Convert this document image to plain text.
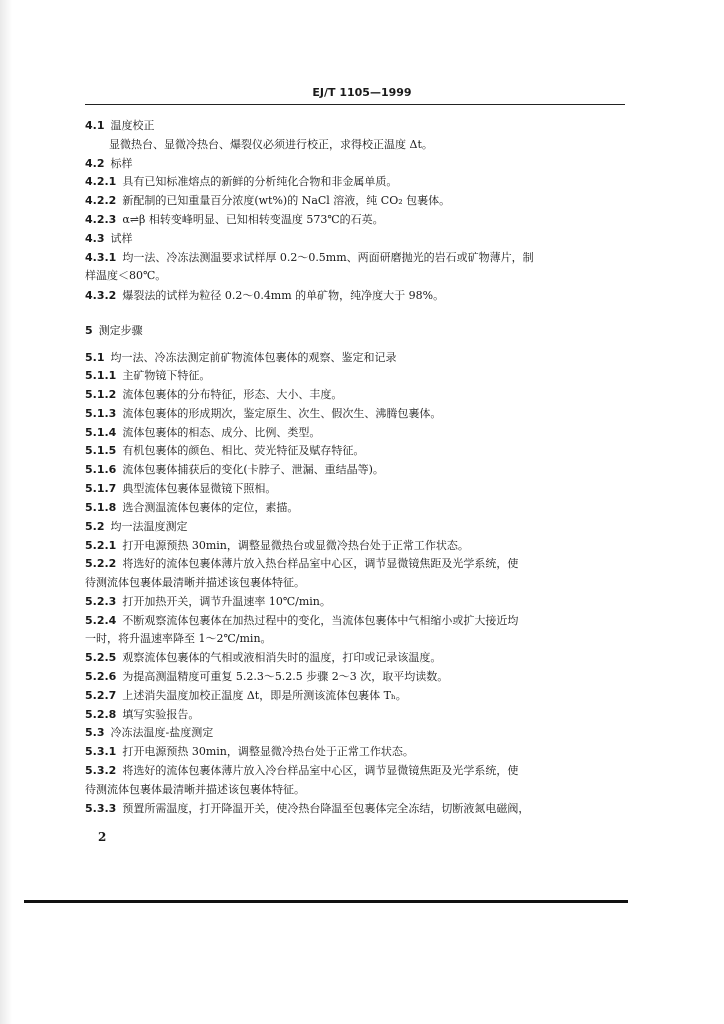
EJ/T 1105—1999
4.1 温度校正
显微热台、显微冷热台、爆裂仪必须进行校正，求得校正温度 Δt。
4.2 标样
4.2.1 具有已知标准熔点的新鲜的分析纯化合物和非金属单质。
4.2.2 新配制的已知重量百分浓度(wt%)的 NaCl 溶液，纯 CO₂ 包裹体。
4.2.3 α⇌β 相转变峰明显、已知相转变温度 573℃的石英。
4.3 试样
4.3.1 均一法、冷冻法测温要求试样厚 0.2～0.5mm、两面研磨抛光的岩石或矿物薄片，制
样温度＜80℃。
4.3.2 爆裂法的试样为粒径 0.2～0.4mm 的单矿物，纯净度大于 98%。
5 测定步骤
5.1 均一法、冷冻法测定前矿物流体包裹体的观察、鉴定和记录
5.1.1 主矿物镜下特征。
5.1.2 流体包裹体的分布特征，形态、大小、丰度。
5.1.3 流体包裹体的形成期次，鉴定原生、次生、假次生、沸腾包裹体。
5.1.4 流体包裹体的相态、成分、比例、类型。
5.1.5 有机包裹体的颜色、相比、荧光特征及赋存特征。
5.1.6 流体包裹体捕获后的变化(卡脖子、泄漏、重结晶等)。
5.1.7 典型流体包裹体显微镜下照相。
5.1.8 选合测温流体包裹体的定位，素描。
5.2 均一法温度测定
5.2.1 打开电源预热 30min，调整显微热台或显微冷热台处于正常工作状态。
5.2.2 将选好的流体包裹体薄片放入热台样品室中心区，调节显微镜焦距及光学系统，使
待测流体包裹体最清晰并描述该包裹体特征。
5.2.3 打开加热开关，调节升温速率 10℃/min。
5.2.4 不断观察流体包裹体在加热过程中的变化，当流体包裹体中气相缩小或扩大接近均
一时，将升温速率降至 1～2℃/min。
5.2.5 观察流体包裹体的气相或液相消失时的温度，打印或记录该温度。
5.2.6 为提高测温精度可重复 5.2.3～5.2.5 步骤 2～3 次，取平均读数。
5.2.7 上述消失温度加校正温度 Δt，即是所测该流体包裹体 Tₕ。
5.2.8 填写实验报告。
5.3 冷冻法温度-盐度测定
5.3.1 打开电源预热 30min，调整显微冷热台处于正常工作状态。
5.3.2 将选好的流体包裹体薄片放入冷台样品室中心区，调节显微镜焦距及光学系统，使
待测流体包裹体最清晰并描述该包裹体特征。
5.3.3 预置所需温度，打开降温开关，使冷热台降温至包裹体完全冻结，切断液氮电磁阀，
2
